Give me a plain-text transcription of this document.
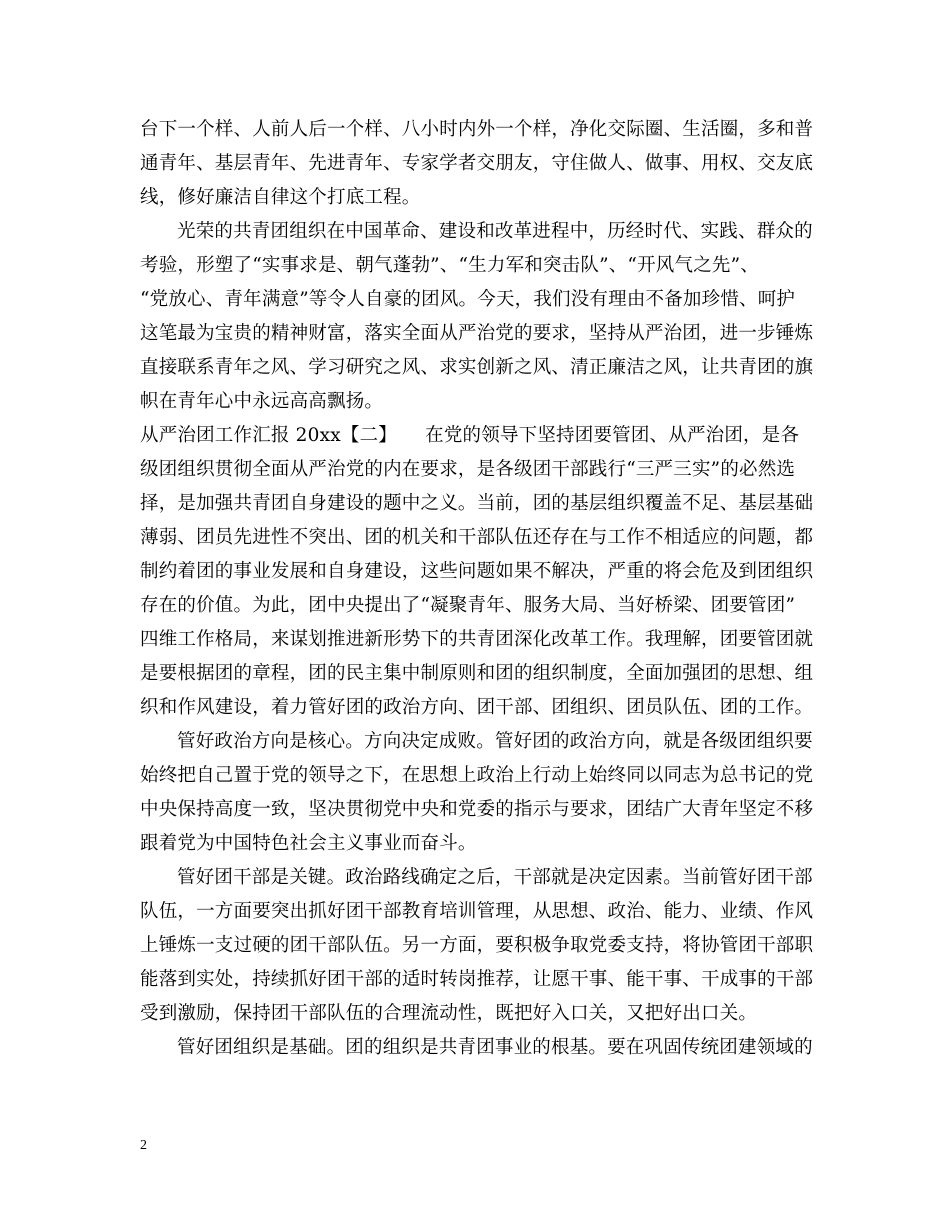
台下一个样、人前人后一个样、八小时内外一个样，净化交际圈、生活圈，多和普
通青年、基层青年、先进青年、专家学者交朋友，守住做人、做事、用权、交友底
线，修好廉洁自律这个打底工程。
光荣的共青团组织在中国革命、建设和改革进程中，历经时代、实践、群众的
考验，形塑了“实事求是、朝气蓬勃”、“生力军和突击队”、“开风气之先”、
“党放心、青年满意”等令人自豪的团风。今天，我们没有理由不备加珍惜、呵护
这笔最为宝贵的精神财富，落实全面从严治党的要求，坚持从严治团，进一步锤炼
直接联系青年之风、学习研究之风、求实创新之风、清正廉洁之风，让共青团的旗
帜在青年心中永远高高飘扬。
从严治团工作汇报 20xx【二】　　在党的领导下坚持团要管团、从严治团，是各
级团组织贯彻全面从严治党的内在要求，是各级团干部践行“三严三实”的必然选
择，是加强共青团自身建设的题中之义。当前，团的基层组织覆盖不足、基层基础
薄弱、团员先进性不突出、团的机关和干部队伍还存在与工作不相适应的问题，都
制约着团的事业发展和自身建设，这些问题如果不解决，严重的将会危及到团组织
存在的价值。为此，团中央提出了“凝聚青年、服务大局、当好桥梁、团要管团”
四维工作格局，来谋划推进新形势下的共青团深化改革工作。我理解，团要管团就
是要根据团的章程，团的民主集中制原则和团的组织制度，全面加强团的思想、组
织和作风建设，着力管好团的政治方向、团干部、团组织、团员队伍、团的工作。
管好政治方向是核心。方向决定成败。管好团的政治方向，就是各级团组织要
始终把自己置于党的领导之下，在思想上政治上行动上始终同以同志为总书记的党
中央保持高度一致，坚决贯彻党中央和党委的指示与要求，团结广大青年坚定不移
跟着党为中国特色社会主义事业而奋斗。
管好团干部是关键。政治路线确定之后，干部就是决定因素。当前管好团干部
队伍，一方面要突出抓好团干部教育培训管理，从思想、政治、能力、业绩、作风
上锤炼一支过硬的团干部队伍。另一方面，要积极争取党委支持，将协管团干部职
能落到实处，持续抓好团干部的适时转岗推荐，让愿干事、能干事、干成事的干部
受到激励，保持团干部队伍的合理流动性，既把好入口关，又把好出口关。
管好团组织是基础。团的组织是共青团事业的根基。要在巩固传统团建领域的
2
